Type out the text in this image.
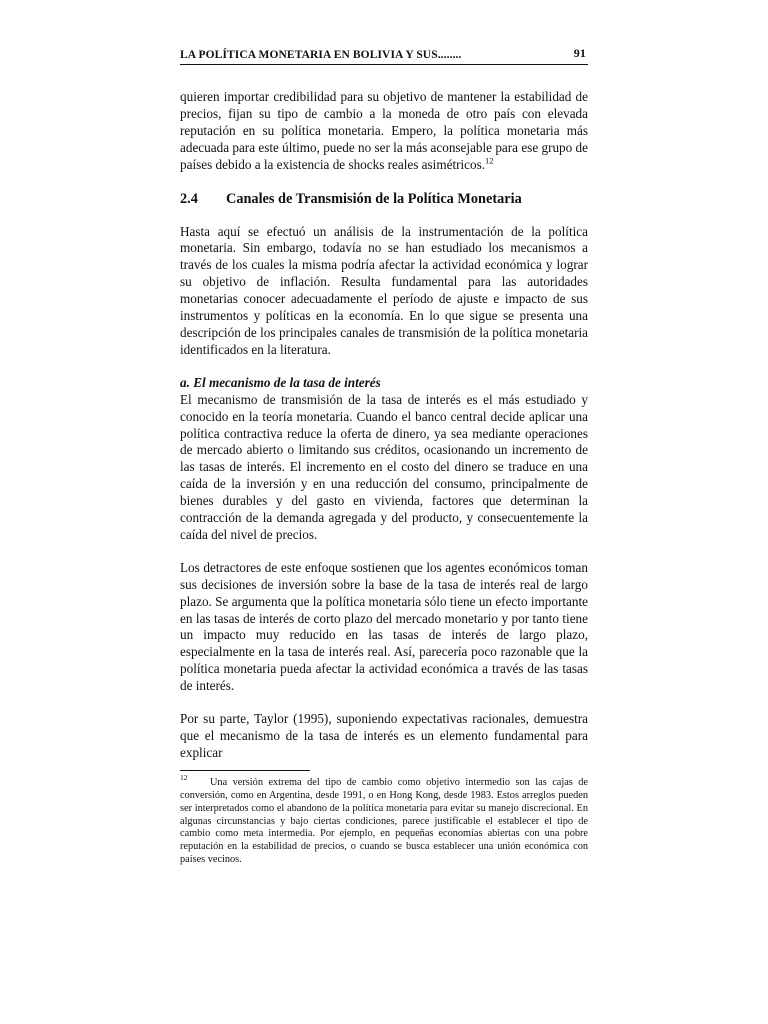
LA POLÍTICA MONETARIA EN BOLIVIA Y SUS........	91

quieren importar credibilidad para su objetivo de mantener la estabilidad de precios, fijan su tipo de cambio a la moneda de otro país con elevada reputación en su política monetaria. Empero, la política monetaria más adecuada para este último, puede no ser la más aconsejable para ese grupo de países debido a la existencia de shocks reales asimétricos.$^{12}$

2.4	Canales de Transmisión de la Política Monetaria

Hasta aquí se efectuó un análisis de la instrumentación de la política monetaria. Sin embargo, todavía no se han estudiado los mecanismos a través de los cuales la misma podría afectar la actividad económica y lograr su objetivo de inflación. Resulta fundamental para las autoridades monetarias conocer adecuadamente el período de ajuste e impacto de sus instrumentos y políticas en la economía. En lo que sigue se presenta una descripción de los principales canales de transmisión de la política monetaria identificados en la literatura.

a. El mecanismo de la tasa de interés

El mecanismo de transmisión de la tasa de interés es el más estudiado y conocido en la teoría monetaria. Cuando el banco central decide aplicar una política contractiva reduce la oferta de dinero, ya sea mediante operaciones de mercado abierto o limitando sus créditos, ocasionando un incremento de las tasas de interés. El incremento en el costo del dinero se traduce en una caída de la inversión y en una reducción del consumo, principalmente de bienes durables y del gasto en vivienda, factores que determinan la contracción de la demanda agregada y del producto, y consecuentemente la caída del nivel de precios.

Los detractores de este enfoque sostienen que los agentes económicos toman sus decisiones de inversión sobre la base de la tasa de interés real de largo plazo. Se argumenta que la política monetaria sólo tiene un efecto importante en las tasas de interés de corto plazo del mercado monetario y por tanto tiene un impacto muy reducido en las tasas de interés de largo plazo, especialmente en la tasa de interés real. Así, parecería poco razonable que la política monetaria pueda afectar la actividad económica a través de las tasas de interés.

Por su parte, Taylor (1995), suponiendo expectativas racionales, demuestra que el mecanismo de la tasa de interés es un elemento fundamental para explicar

12 Una versión extrema del tipo de cambio como objetivo intermedio son las cajas de conversión, como en Argentina, desde 1991, o en Hong Kong, desde 1983. Estos arreglos pueden ser interpretados como el abandono de la política monetaria para evitar su manejo discrecional. En algunas circunstancias y bajo ciertas condiciones, parece justificable el establecer el tipo de cambio como meta intermedia. Por ejemplo, en pequeñas economías abiertas con una pobre reputación en la estabilidad de precios, o cuando se busca establecer una unión económica con países vecinos.
